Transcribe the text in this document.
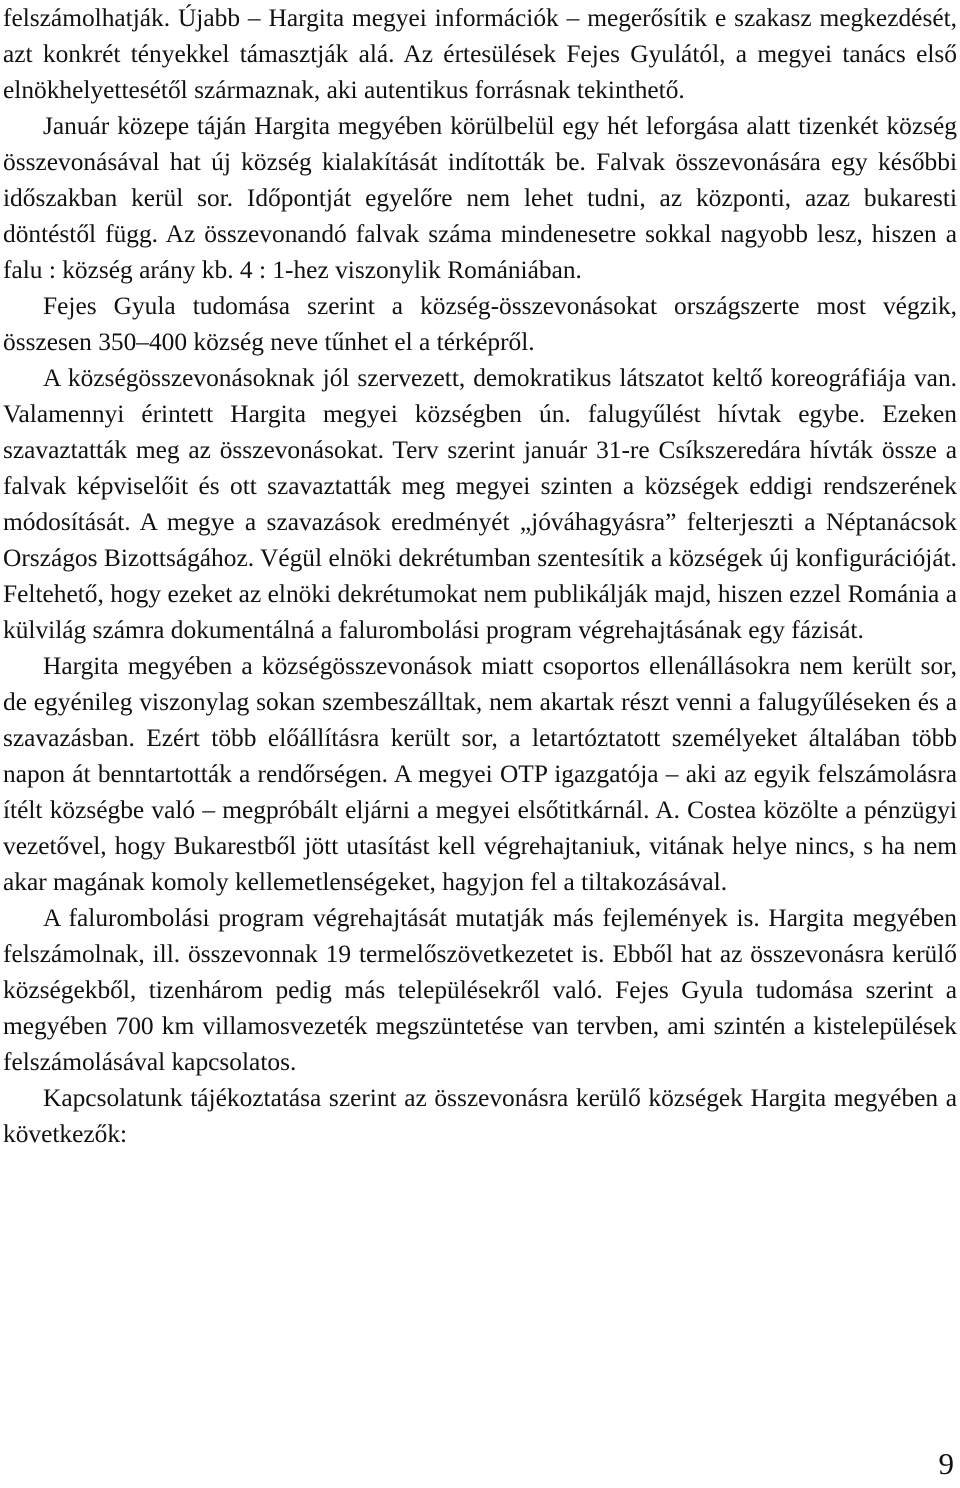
felszámolhatják. Újabb – Hargita megyei információk – megerősítik e szakasz megkezdését, azt konkrét tényekkel támasztják alá. Az értesülések Fejes Gyulától, a megyei tanács első elnökhelyettesétől származnak, aki autentikus forrásnak tekinthető.

Január közepe táján Hargita megyében körülbelül egy hét leforgása alatt tizenkét község összevonásával hat új község kialakítását indították be. Falvak összevonására egy későbbi időszakban kerül sor. Időpontját egyelőre nem lehet tudni, az központi, azaz bukaresti döntéstől függ. Az összevonandó falvak száma mindenesetre sokkal nagyobb lesz, hiszen a falu : község arány kb. 4 : 1-hez viszonylik Romániában.

Fejes Gyula tudomása szerint a község-összevonásokat országszerte most végzik, összesen 350–400 község neve tűnhet el a térképről.

A községösszevonásoknak jól szervezett, demokratikus látszatot keltő koreográfiája van. Valamennyi érintett Hargita megyei községben ún. falugyűlést hívtak egybe. Ezeken szavaztatták meg az összevonásokat. Terv szerint január 31-re Csíkszeredára hívták össze a falvak képviselőit és ott szavaztatták meg megyei szinten a községek eddigi rendszerének módosítását. A megye a szavazások eredményét „jóváhagyásra” felterjeszti a Néptanácsok Országos Bizottságához. Végül elnöki dekrétumban szentesítik a községek új konfigurációját. Feltehető, hogy ezeket az elnöki dekrétumokat nem publikálják majd, hiszen ezzel Románia a külvilág számra dokumentálná a falurombolási program végrehajtásának egy fázisát.

Hargita megyében a községösszevonások miatt csoportos ellenállásokra nem került sor, de egyénileg viszonylag sokan szembeszálltak, nem akartak részt venni a falugyűléseken és a szavazásban. Ezért több előállításra került sor, a letartóztatott személyeket általában több napon át benntartották a rendőrségen. A megyei OTP igazgatója – aki az egyik felszámolásra ítélt községbe való – megpróbált eljárni a megyei elsőtitkárnál. A. Costea közölte a pénzügyi vezetővel, hogy Bukarestből jött utasítást kell végrehajtaniuk, vitának helye nincs, s ha nem akar magának komoly kellemetlenségeket, hagyjon fel a tiltakozásával.

A falurombolási program végrehajtását mutatják más fejlemények is. Hargita megyében felszámolnak, ill. összevonnak 19 termelőszövetkezetet is. Ebből hat az összevonásra kerülő községekből, tizenhárom pedig más településekről való. Fejes Gyula tudomása szerint a megyében 700 km villamosvezeték megszüntetése van tervben, ami szintén a kistelepülések felszámolásával kapcsolatos.

Kapcsolatunk tájékoztatása szerint az összevonásra kerülő községek Hargita megyében a következők:

9
